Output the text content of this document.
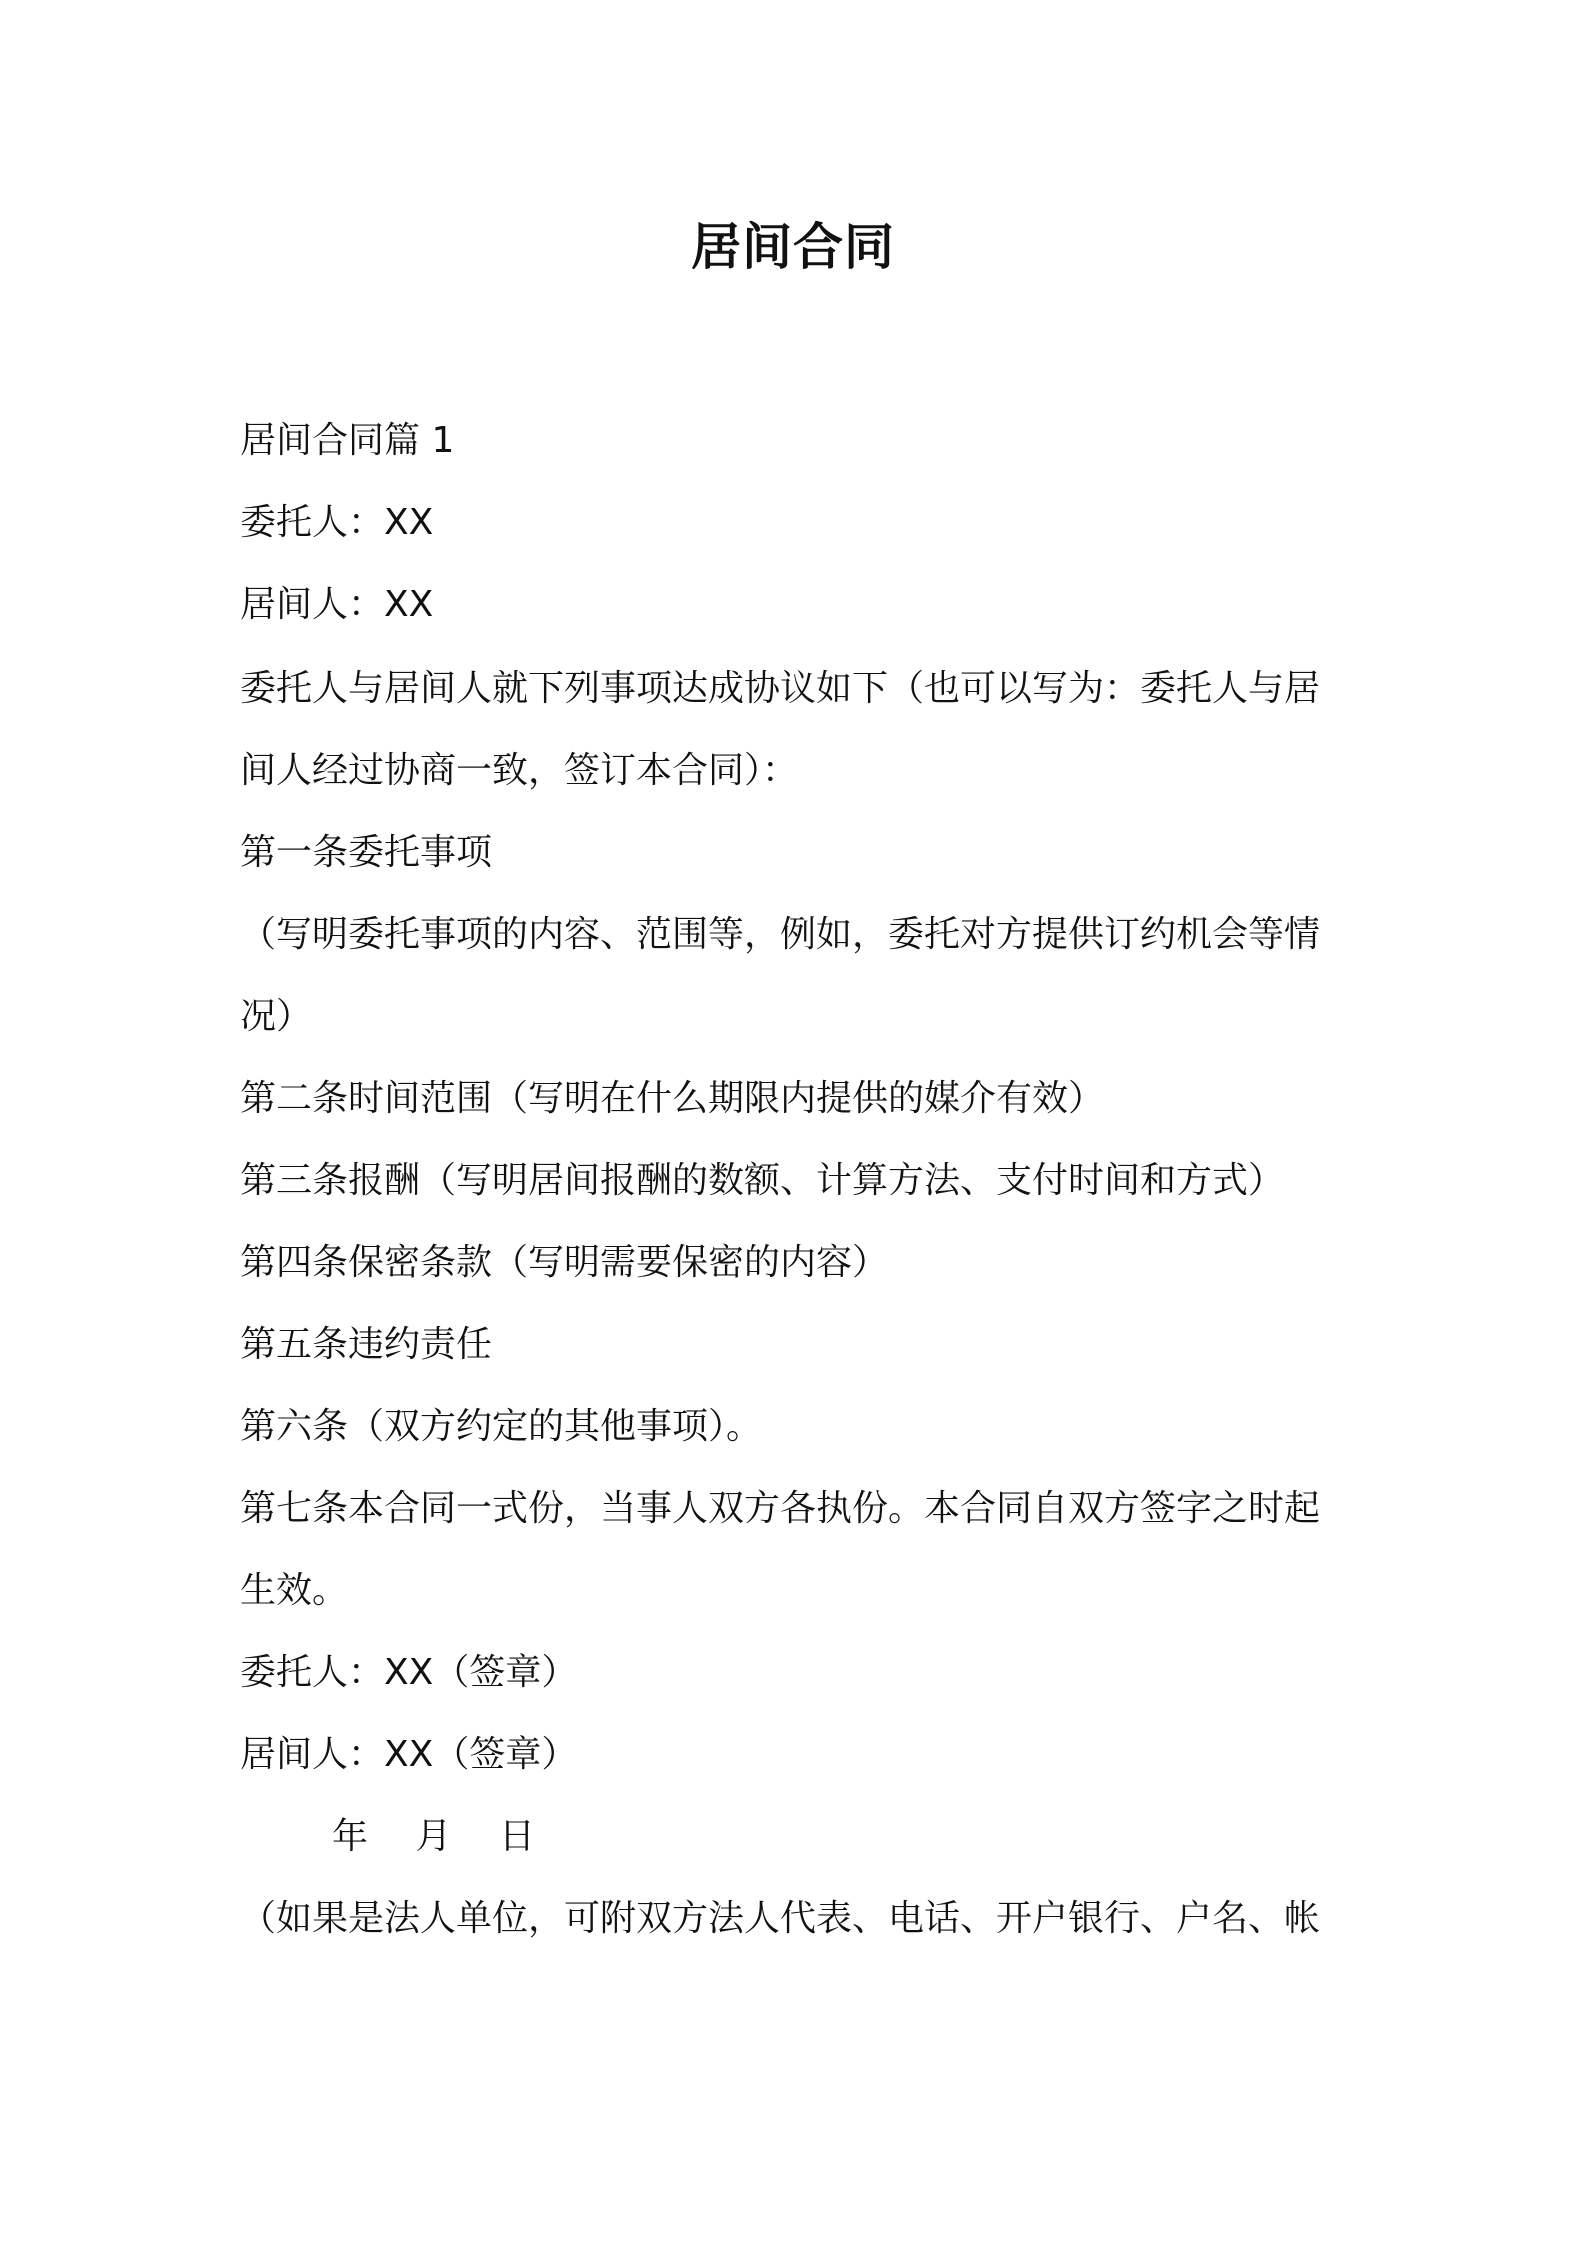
居间合同
居间合同篇 1
委托人：XX
居间人：XX
委托人与居间人就下列事项达成协议如下（也可以写为：委托人与居
间人经过协商一致，签订本合同）：
第一条委托事项
（写明委托事项的内容、范围等，例如，委托对方提供订约机会等情
况）
第二条时间范围（写明在什么期限内提供的媒介有效）
第三条报酬（写明居间报酬的数额、计算方法、支付时间和方式）
第四条保密条款（写明需要保密的内容）
第五条违约责任
第六条（双方约定的其他事项）。
第七条本合同一式份，当事人双方各执份。本合同自双方签字之时起
生效。
委托人：XX（签章）
居间人：XX（签章）
年 月 日
（如果是法人单位，可附双方法人代表、电话、开户银行、户名、帐
